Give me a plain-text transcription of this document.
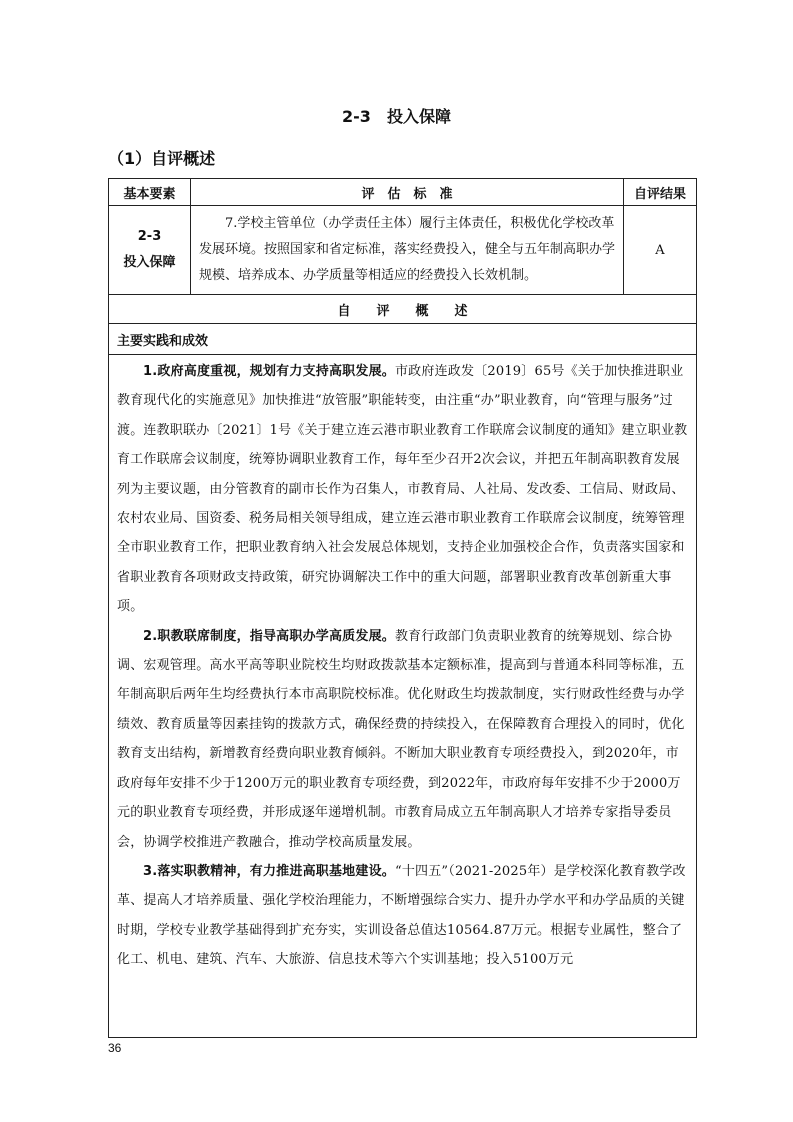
2-3　投入保障
（1）自评概述
基本要素	评　估　标　准	自评结果

2-3
投入保障	7.学校主管单位（办学责任主体）履行主体责任，积极优化学校改革发展环境。按照国家和省定标准，落实经费投入，健全与五年制高职办学规模、培养成本、办学质量等相适应的经费投入长效机制。	A
自　　评　　概　　述		
主要实践和成效		

1.政府高度重视，规划有力支持高职发展。市政府连政发〔2019〕65号《关于加快推进职业教育现代化的实施意见》加快推进“放管服”职能转变，由注重“办”职业教育，向“管理与服务”过渡。连教职联办〔2021〕1号《关于建立连云港市职业教育工作联席会议制度的通知》建立职业教育工作联席会议制度，统筹协调职业教育工作，每年至少召开2次会议，并把五年制高职教育发展列为主要议题，由分管教育的副市长作为召集人，市教育局、人社局、发改委、工信局、财政局、农村农业局、国资委、税务局相关领导组成，建立连云港市职业教育工作联席会议制度，统筹管理全市职业教育工作，把职业教育纳入社会发展总体规划，支持企业加强校企合作，负责落实国家和省职业教育各项财政支持政策，研究协调解决工作中的重大问题，部署职业教育改革创新重大事项。

2.职教联席制度，指导高职办学高质发展。教育行政部门负责职业教育的统筹规划、综合协调、宏观管理。高水平高等职业院校生均财政拨款基本定额标准，提高到与普通本科同等标准，五年制高职后两年生均经费执行本市高职院校标准。优化财政生均拨款制度，实行财政性经费与办学绩效、教育质量等因素挂钩的拨款方式，确保经费的持续投入，在保障教育合理投入的同时，优化教育支出结构，新增教育经费向职业教育倾斜。不断加大职业教育专项经费投入，到2020年，市政府每年安排不少于1200万元的职业教育专项经费，到2022年，市政府每年安排不少于2000万元的职业教育专项经费，并形成逐年递增机制。市教育局成立五年制高职人才培养专家指导委员会，协调学校推进产教融合，推动学校高质量发展。

3.落实职教精神，有力推进高职基地建设。“十四五”（2021-2025年）是学校深化教育教学改革、提高人才培养质量、强化学校治理能力，不断增强综合实力、提升办学水平和办学品质的关键时期，学校专业教学基础得到扩充夯实，实训设备总值达10564.87万元。根据专业属性，整合了化工、机电、建筑、汽车、大旅游、信息技术等六个实训基地；投入5100万元		

36
